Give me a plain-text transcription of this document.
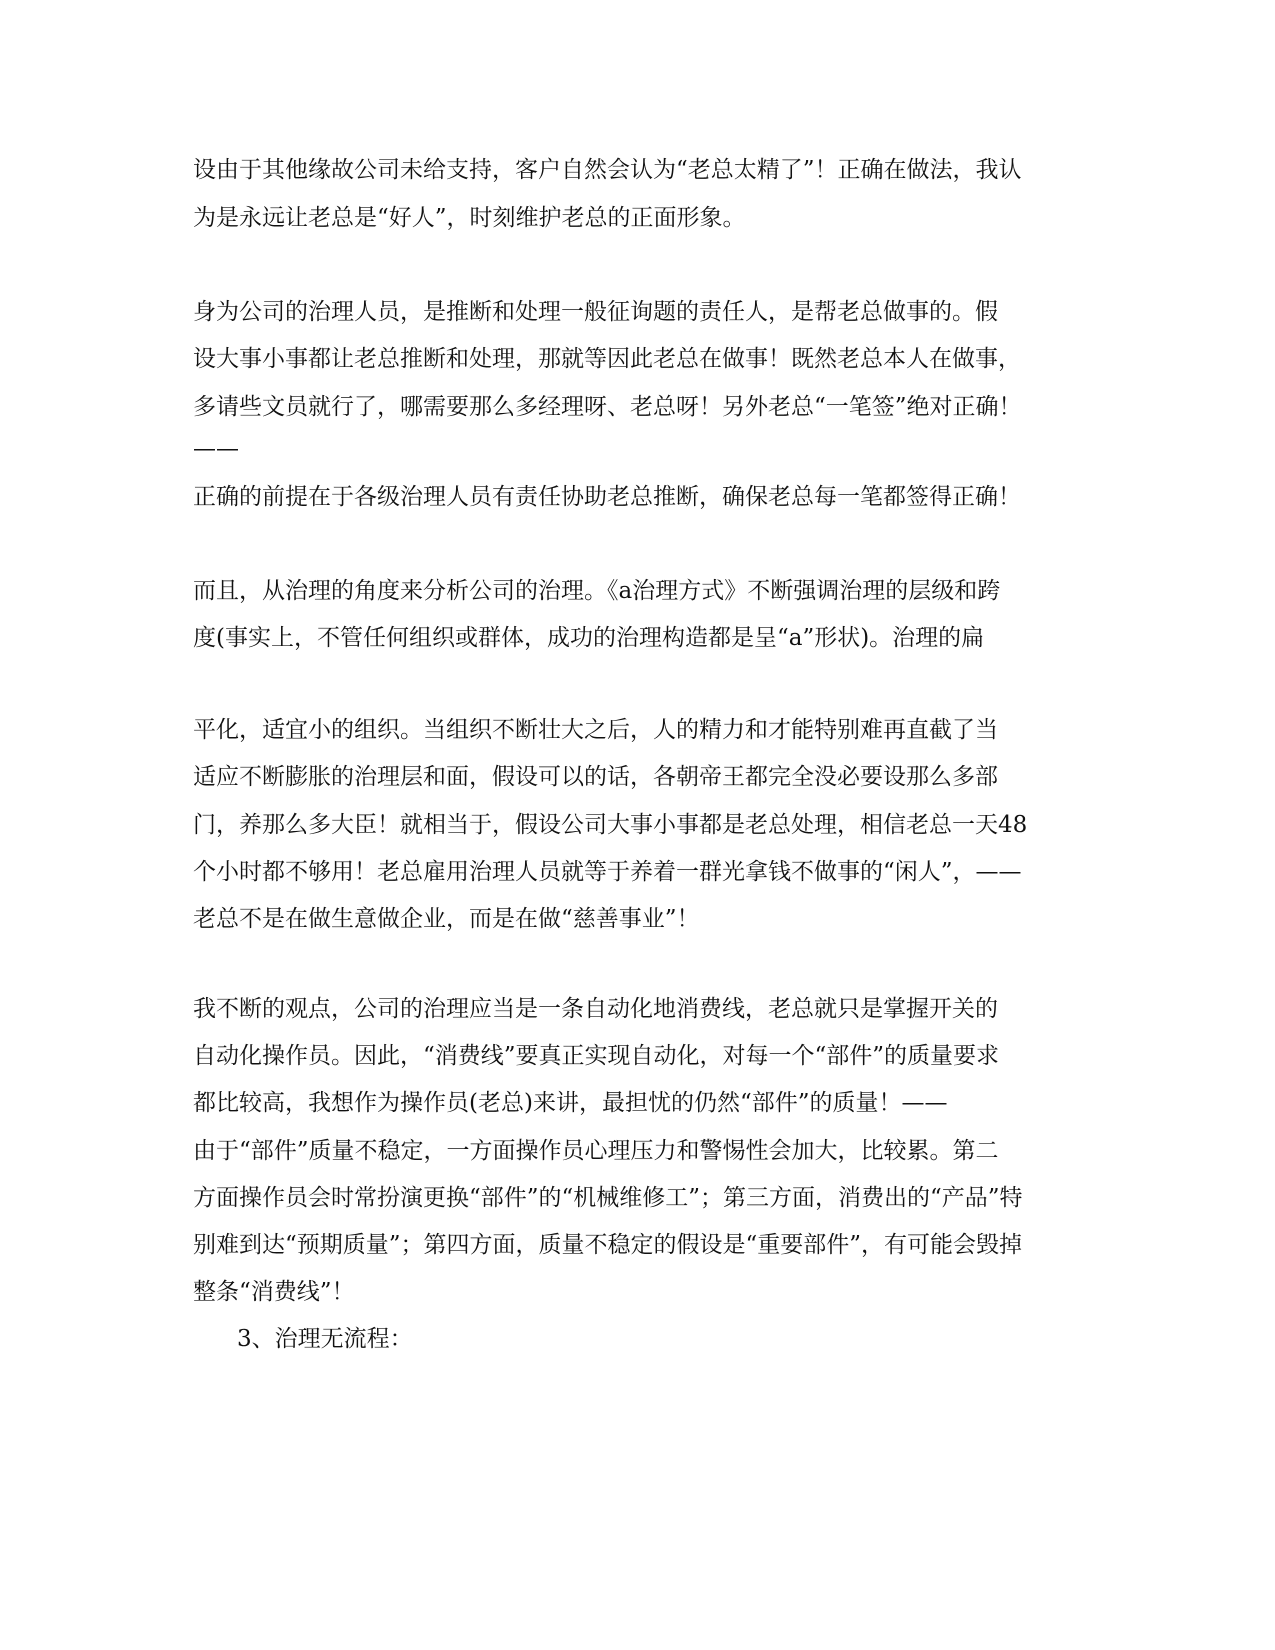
设由于其他缘故公司未给支持，客户自然会认为“老总太精了”！正确在做法，我认
为是永远让老总是“好人”，时刻维护老总的正面形象。
身为公司的治理人员，是推断和处理一般征询题的责任人，是帮老总做事的。假
设大事小事都让老总推断和处理，那就等因此老总在做事！既然老总本人在做事，
多请些文员就行了，哪需要那么多经理呀、老总呀！另外老总“一笔签”绝对正确！
——
正确的前提在于各级治理人员有责任协助老总推断，确保老总每一笔都签得正确！
而且，从治理的角度来分析公司的治理。《a治理方式》不断强调治理的层级和跨
度(事实上，不管任何组织或群体，成功的治理构造都是呈“a”形状)。治理的扁
平化，适宜小的组织。当组织不断壮大之后，人的精力和才能特别难再直截了当
适应不断膨胀的治理层和面，假设可以的话，各朝帝王都完全没必要设那么多部
门，养那么多大臣！就相当于，假设公司大事小事都是老总处理，相信老总一天48
个小时都不够用！老总雇用治理人员就等于养着一群光拿钱不做事的“闲人”，——
老总不是在做生意做企业，而是在做“慈善事业”！
我不断的观点，公司的治理应当是一条自动化地消费线，老总就只是掌握开关的
自动化操作员。因此，“消费线”要真正实现自动化，对每一个“部件”的质量要求
都比较高，我想作为操作员(老总)来讲，最担忧的仍然“部件”的质量！——
由于“部件”质量不稳定，一方面操作员心理压力和警惕性会加大，比较累。第二
方面操作员会时常扮演更换“部件”的“机械维修工”；第三方面，消费出的“产品”特
别难到达“预期质量”；第四方面，质量不稳定的假设是“重要部件”，有可能会毁掉
整条“消费线”！
3、治理无流程：
